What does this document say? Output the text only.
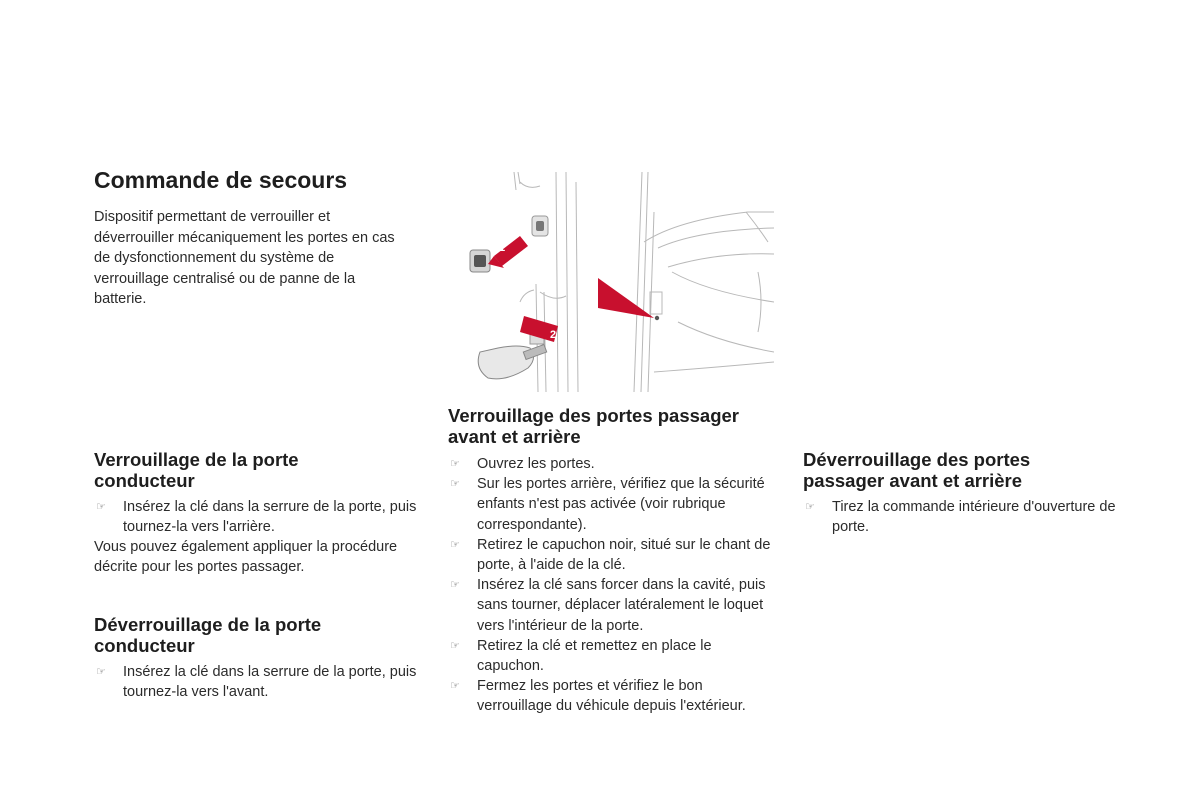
Commande de secours

Dispositif permettant de verrouiller et déverrouiller mécaniquement les portes en cas de dysfonctionnement du système de verrouillage centralisé ou de panne de la batterie.

1
2
Verrouillage de la porte
conducteur
☞ Insérez la clé dans la serrure de la porte, puis tournez-la vers l'arrière.

Vous pouvez également appliquer la procédure décrite pour les portes passager.

Déverrouillage de la porte
conducteur
☞ Insérez la clé dans la serrure de la porte, puis tournez-la vers l'avant.
Verrouillage des portes passager
avant et arrière
☞ Ouvrez les portes.
☞ Sur les portes arrière, vérifiez que la sécurité enfants n'est pas activée (voir rubrique correspondante).
☞ Retirez le capuchon noir, situé sur le chant de porte, à l'aide de la clé.
☞ Insérez la clé sans forcer dans la cavité, puis sans tourner, déplacer latéralement le loquet vers l'intérieur de la porte.
☞ Retirez la clé et remettez en place le capuchon.
☞ Fermez les portes et vérifiez le bon verrouillage du véhicule depuis l'extérieur.
Déverrouillage des portes
passager avant et arrière
☞ Tirez la commande intérieure d'ouverture de porte.
